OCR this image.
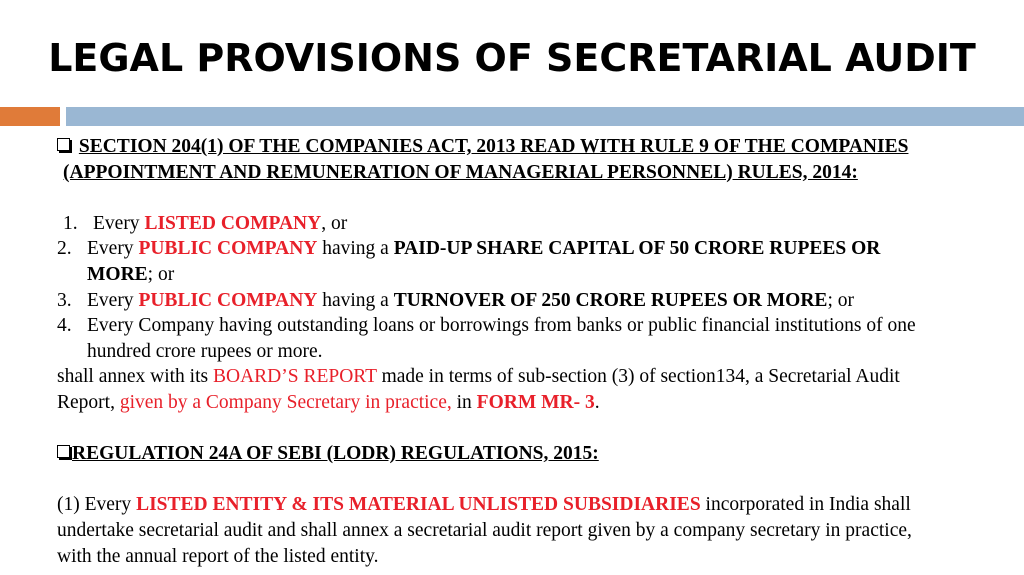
LEGAL PROVISIONS OF SECRETARIAL AUDIT
SECTION 204(1) OF THE COMPANIES ACT, 2013 READ WITH RULE 9 OF THE COMPANIES
(APPOINTMENT AND REMUNERATION OF MANAGERIAL PERSONNEL) RULES, 2014:
1. Every LISTED COMPANY, or
2. Every PUBLIC COMPANY having a PAID-UP SHARE CAPITAL OF 50 CRORE RUPEES OR
MORE; or
3. Every PUBLIC COMPANY having a TURNOVER OF 250 CRORE RUPEES OR MORE; or
4. Every Company having outstanding loans or borrowings from banks or public financial institutions of one
hundred crore rupees or more.
shall annex with its BOARD’S REPORT made in terms of sub-section (3) of section134, a Secretarial Audit
Report, given by a Company Secretary in practice, in FORM MR- 3.
REGULATION 24A OF SEBI (LODR) REGULATIONS, 2015:
(1) Every LISTED ENTITY & ITS MATERIAL UNLISTED SUBSIDIARIES incorporated in India shall
undertake secretarial audit and shall annex a secretarial audit report given by a company secretary in practice,
with the annual report of the listed entity.
